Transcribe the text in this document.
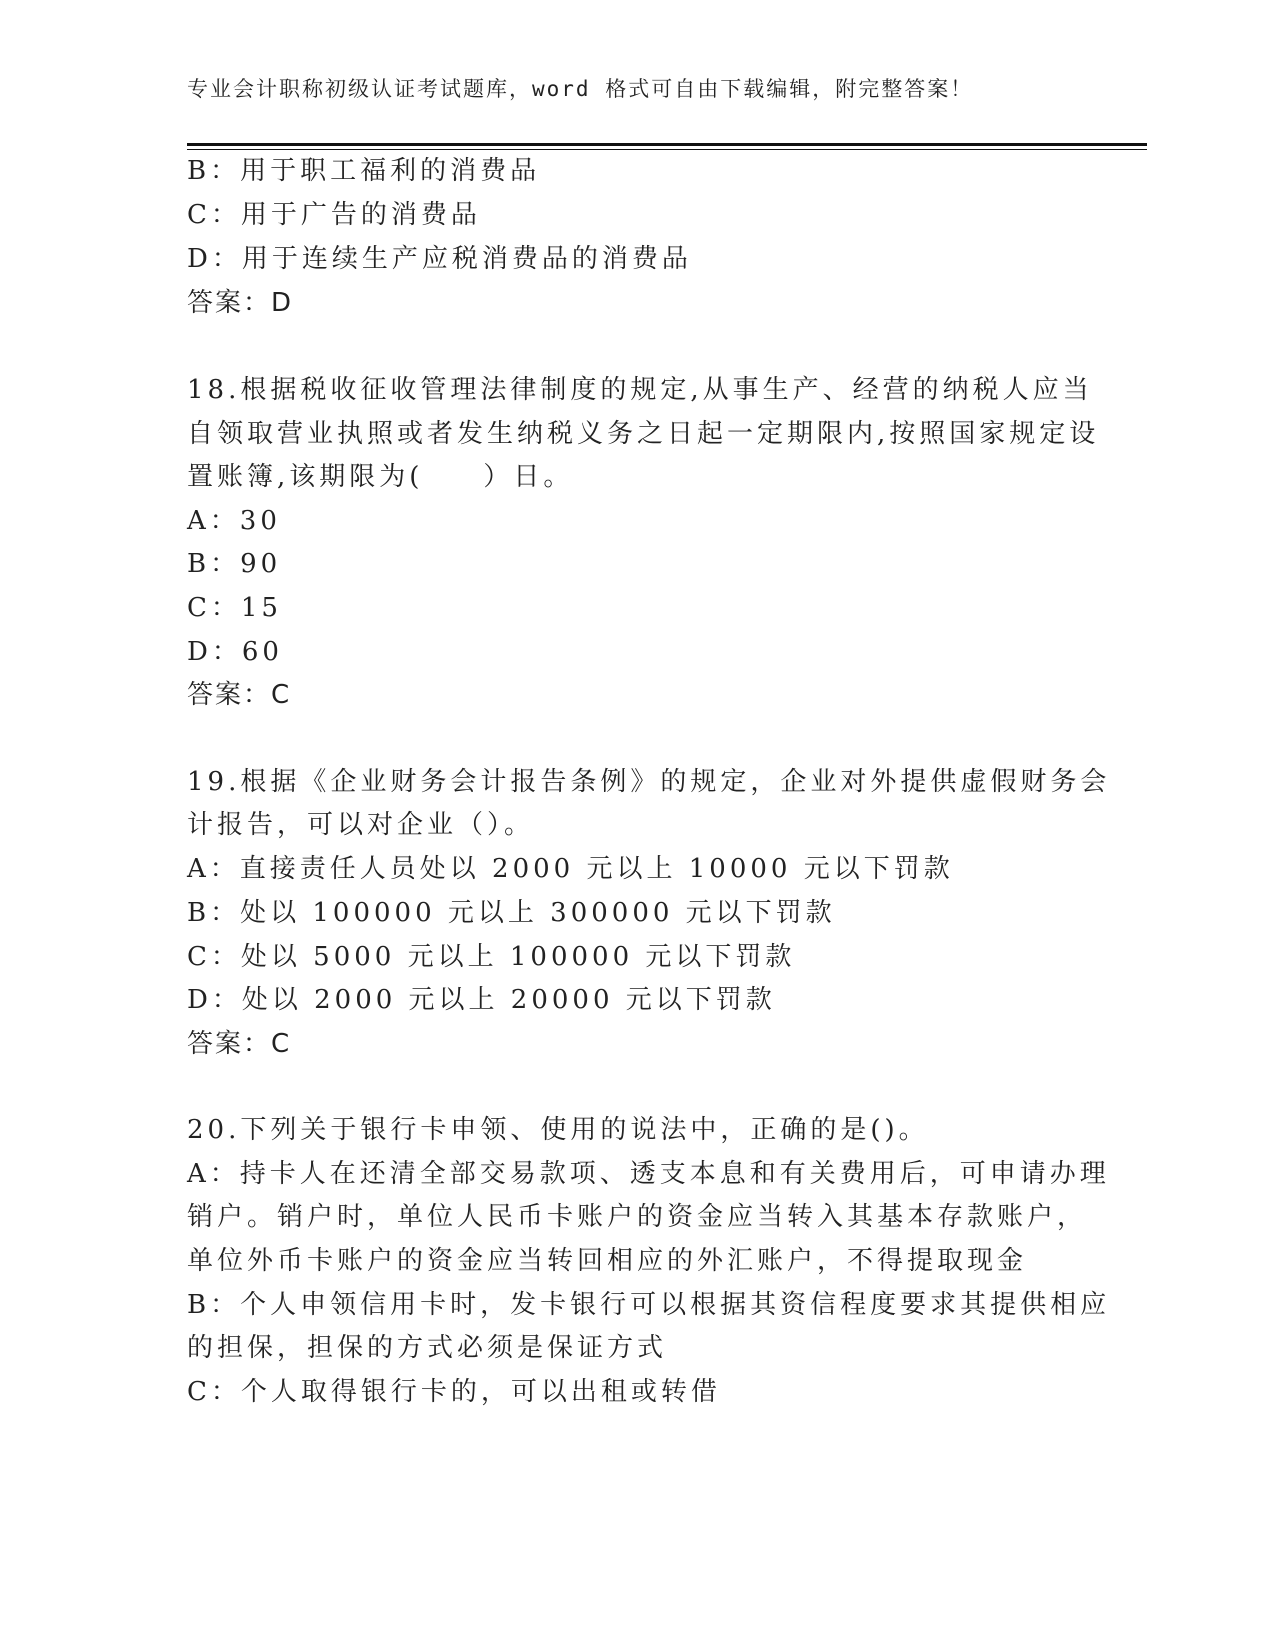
专业会计职称初级认证考试题库，word 格式可自由下载编辑，附完整答案！
B：用于职工福利的消费品
C：用于广告的消费品
D：用于连续生产应税消费品的消费品
答案：D
18.根据税收征收管理法律制度的规定,从事生产、经营的纳税人应当
自领取营业执照或者发生纳税义务之日起一定期限内,按照国家规定设
置账簿,该期限为(　　）日。
A：30
B：90
C：15
D：60
答案：C
19.根据《企业财务会计报告条例》的规定，企业对外提供虚假财务会
计报告，可以对企业（）。
A：直接责任人员处以 2000 元以上 10000 元以下罚款
B：处以 100000 元以上 300000 元以下罚款
C：处以 5000 元以上 100000 元以下罚款
D：处以 2000 元以上 20000 元以下罚款
答案：C
20.下列关于银行卡申领、使用的说法中，正确的是()。
A：持卡人在还清全部交易款项、透支本息和有关费用后，可申请办理
销户。销户时，单位人民币卡账户的资金应当转入其基本存款账户，
单位外币卡账户的资金应当转回相应的外汇账户，不得提取现金
B：个人申领信用卡时，发卡银行可以根据其资信程度要求其提供相应
的担保，担保的方式必须是保证方式
C：个人取得银行卡的，可以出租或转借
